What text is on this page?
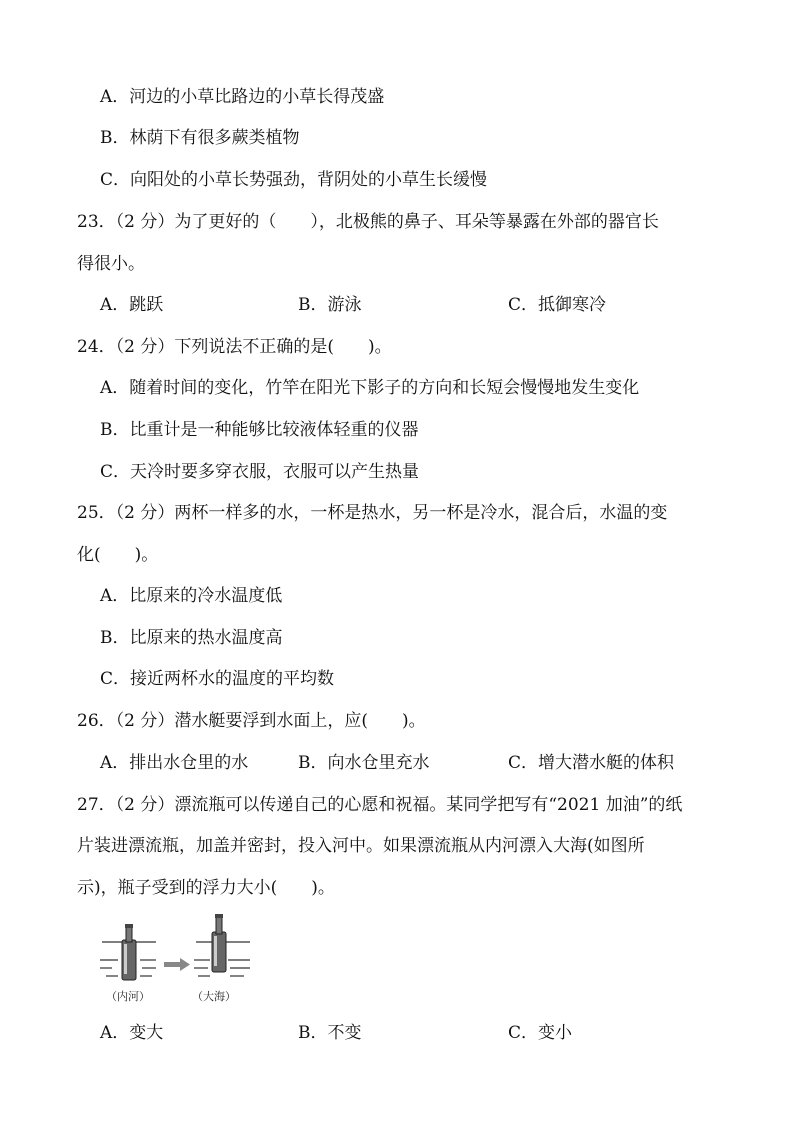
A．河边的小草比路边的小草长得茂盛
B．林荫下有很多蕨类植物
C．向阳处的小草长势强劲，背阴处的小草生长缓慢
23．（2 分）为了更好的（　　），北极熊的鼻子、耳朵等暴露在外部的器官长
得很小。
A．跳跃	B．游泳	C．抵御寒冷
24．（2 分）下列说法不正确的是(　　)。
A．随着时间的变化，竹竿在阳光下影子的方向和长短会慢慢地发生变化
B．比重计是一种能够比较液体轻重的仪器
C．天冷时要多穿衣服，衣服可以产生热量
25．（2 分）两杯一样多的水，一杯是热水，另一杯是冷水，混合后，水温的变
化(　　)。
A．比原来的冷水温度低
B．比原来的热水温度高
C．接近两杯水的温度的平均数
26．（2 分）潜水艇要浮到水面上，应(　　)。
A．排出水仓里的水	B．向水仓里充水	C．增大潜水艇的体积
27．（2 分）漂流瓶可以传递自己的心愿和祝福。某同学把写有“2021 加油”的纸
片装进漂流瓶，加盖并密封，投入河中。如果漂流瓶从内河漂入大海(如图所
示)，瓶子受到的浮力大小(　　)。
（内河）	（大海）
A．变大	B．不变	C．变小
